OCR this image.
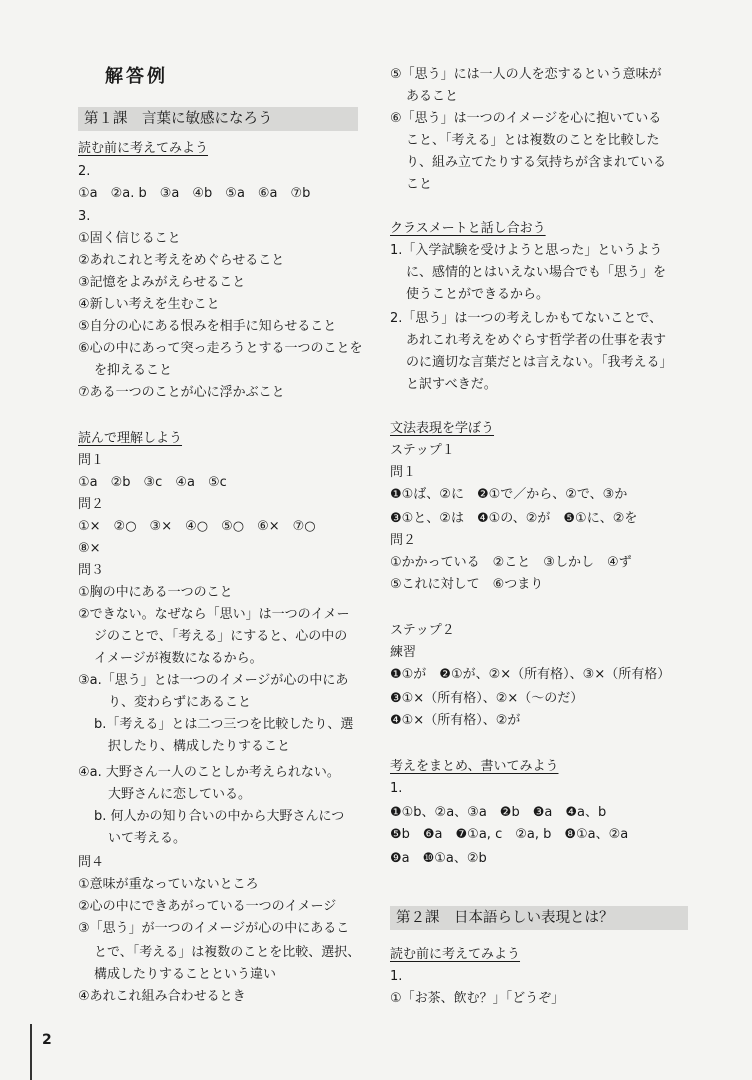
解答例
第１課　言葉に敏感になろう
第２課　日本語らしい表現とは？
読む前に考えてみよう
2.
①a　②a. b　③a　④b　⑤a　⑥a　⑦b
3.
①固く信じること
②あれこれと考えをめぐらせること
③記憶をよみがえらせること
④新しい考えを生むこと
⑤自分の心にある恨みを相手に知らせること
⑥心の中にあって突っ走ろうとする一つのことを
を抑えること
⑦ある一つのことが心に浮かぶこと
読んで理解しよう
問１
①a　②b　③c　④a　⑤c
問２
①×　②○　③×　④○　⑤○　⑥×　⑦○
⑧×
問３
①胸の中にある一つのこと
②できない。なぜなら「思い」は一つのイメー
ジのことで、「考える」にすると、心の中の
イメージが複数になるから。
③a.「思う」とは一つのイメージが心の中にあ
り、変わらずにあること
b.「考える」とは二つ三つを比較したり、選
択したり、構成したりすること
④a. 大野さん一人のことしか考えられない。
大野さんに恋している。
b. 何人かの知り合いの中から大野さんにつ
いて考える。
問４
①意味が重なっていないところ
②心の中にできあがっている一つのイメージ
③「思う」が一つのイメージが心の中にあるこ
とで、「考える」は複数のことを比較、選択、
構成したりすることという違い
④あれこれ組み合わせるとき
⑤「思う」には一人の人を恋するという意味が
あること
⑥「思う」は一つのイメージを心に抱いている
こと、「考える」とは複数のことを比較した
り、組み立てたりする気持ちが含まれている
こと
クラスメートと話し合おう
1.「入学試験を受けようと思った」というよう
に、感情的とはいえない場合でも「思う」を
使うことができるから。
2.「思う」は一つの考えしかもてないことで、
あれこれ考えをめぐらす哲学者の仕事を表す
のに適切な言葉だとは言えない。「我考える」
と訳すべきだ。
文法表現を学ぼう
ステップ１
問１
❶①ば、②に　❷①で／から、②で、③か
❸①と、②は　❹①の、②が　❺①に、②を
問２
①かかっている　②こと　③しかし　④ず
⑤これに対して　⑥つまり
ステップ２
練習
❶①が　❷①が、②×（所有格）、③×（所有格）
❸①×（所有格）、②×（〜のだ）
❹①×（所有格）、②が
考えをまとめ、書いてみよう
1.
❶①b、②a、③a　❷b　❸a　❹a、b
❺b　❻a　❼①a, c　②a, b　❽①a、②a
❾a　❿①a、②b
読む前に考えてみよう
1.
①「お茶、飲む？」「どうぞ」
2
